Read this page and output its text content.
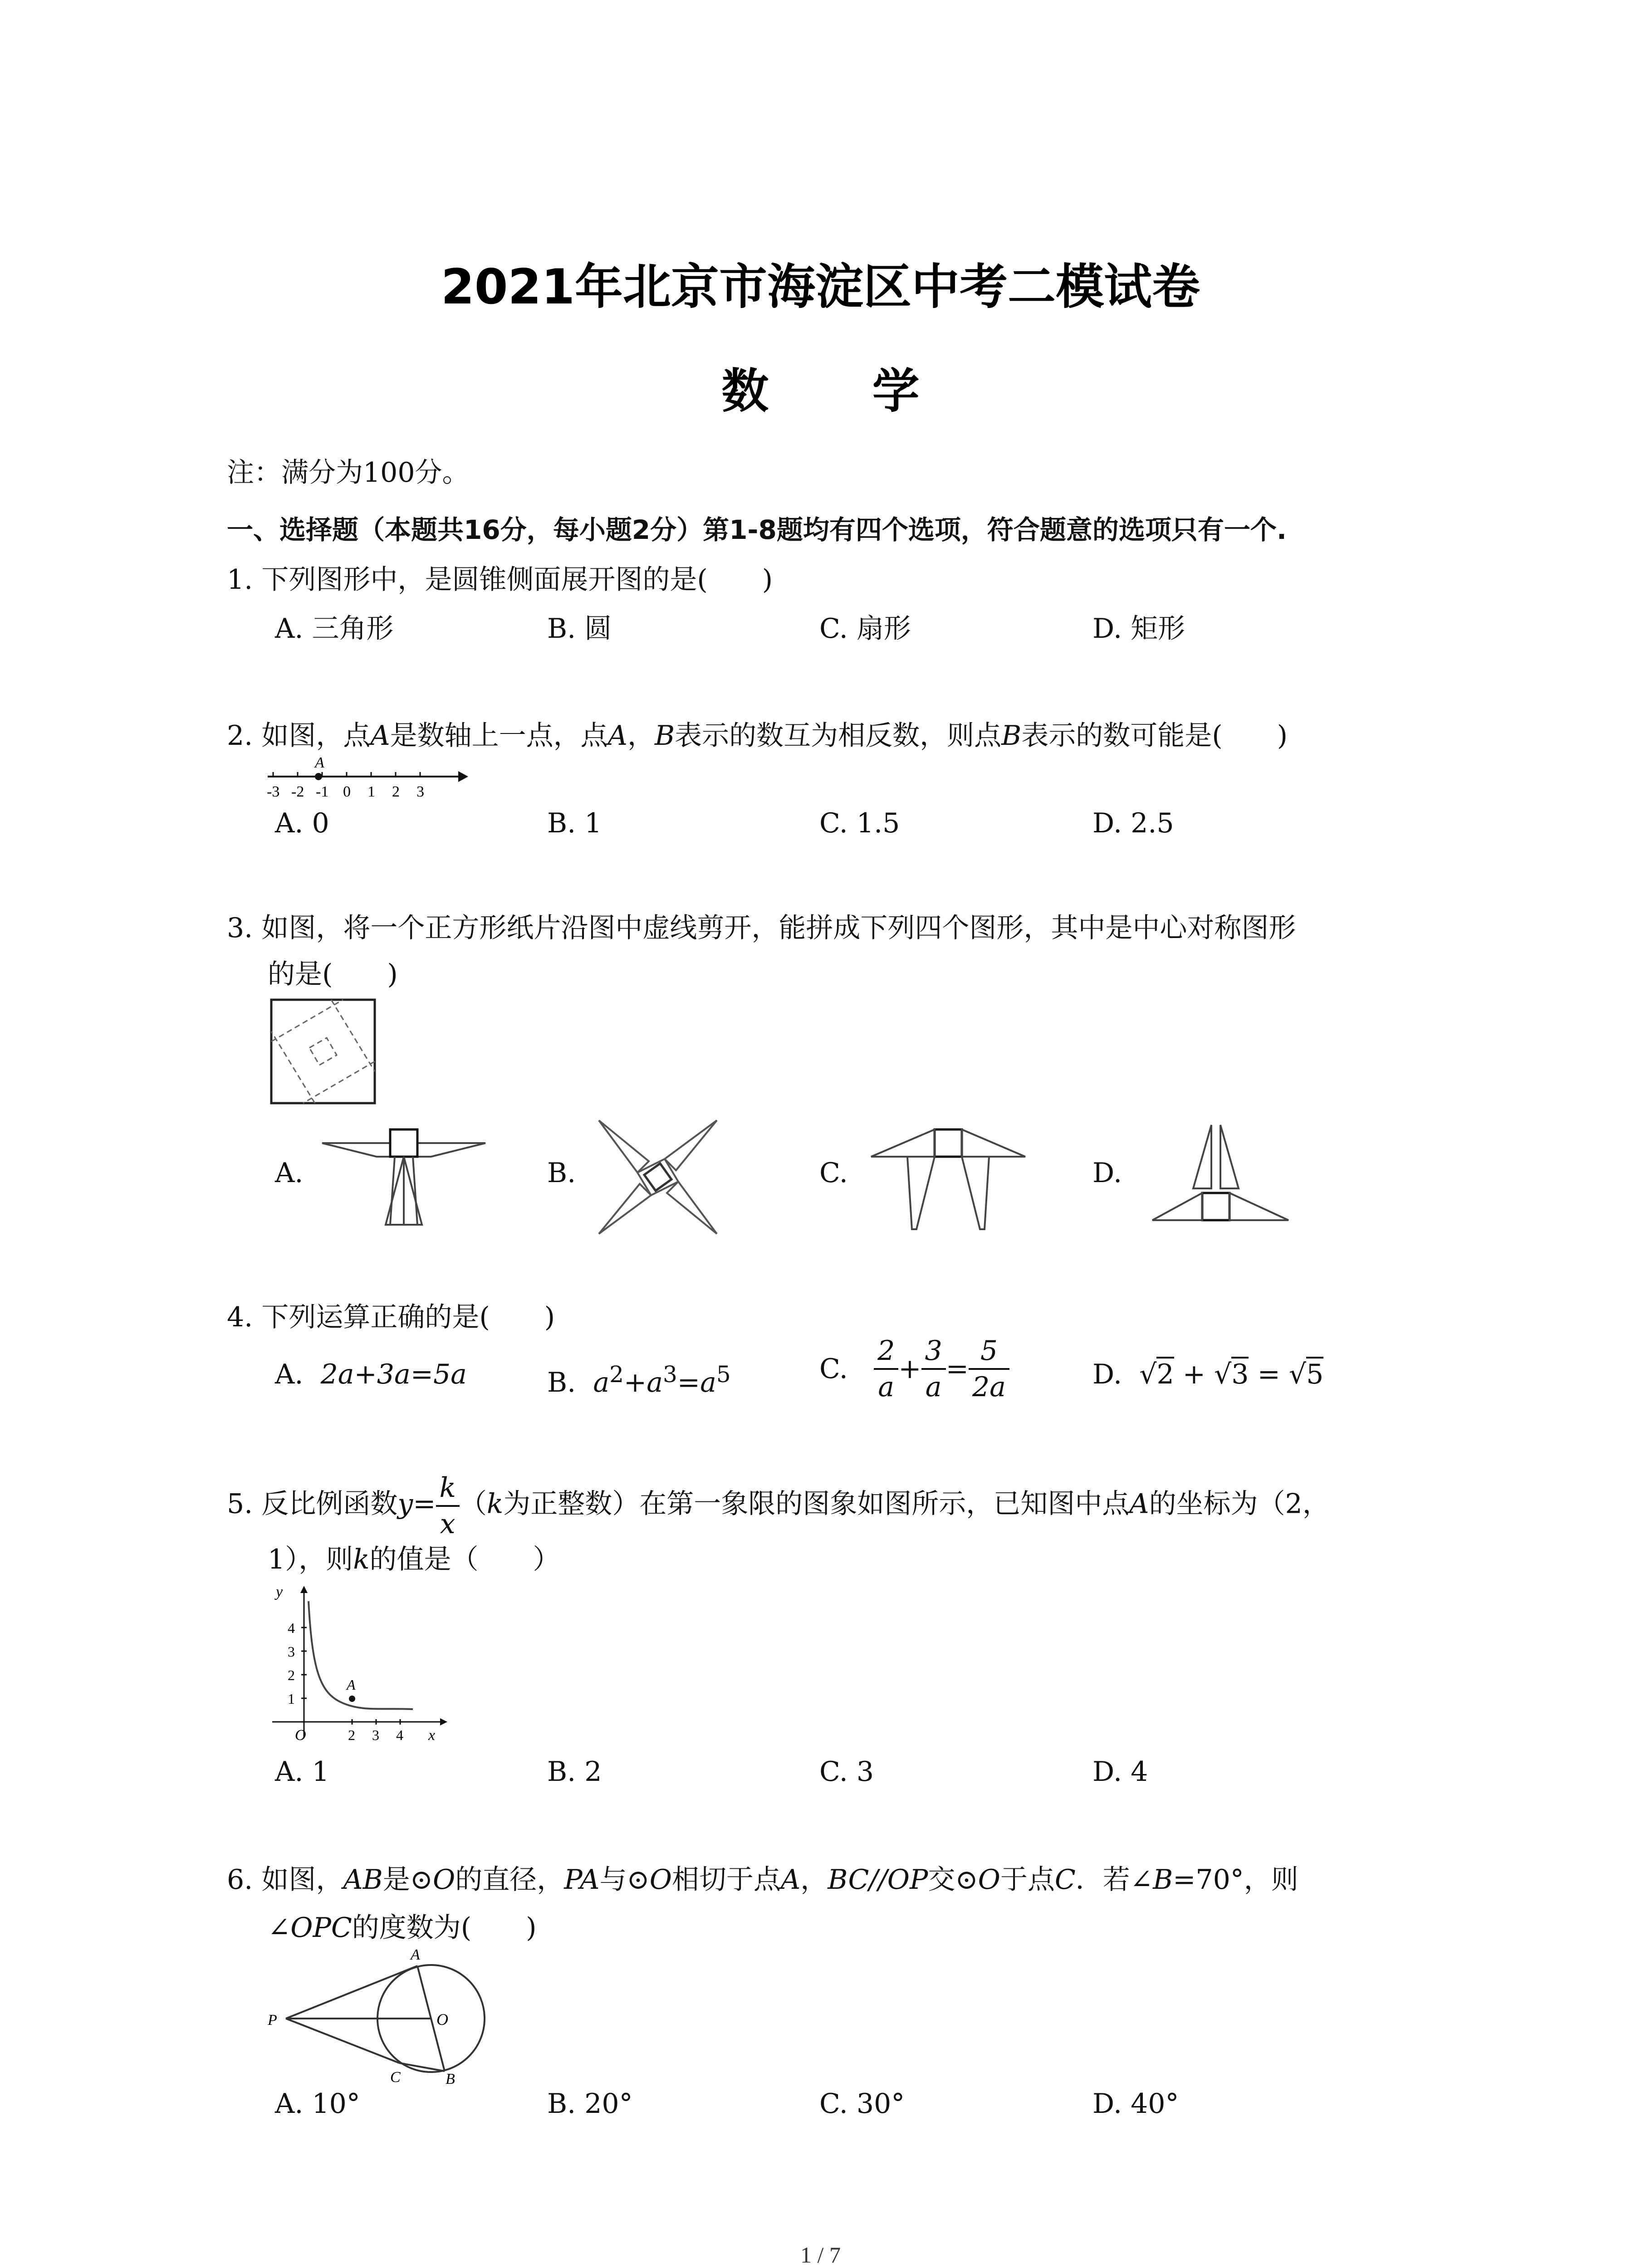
2021年北京市海淀区中考二模试卷
数 学
注：满分为100分。
一、选择题（本题共16分，每小题2分）第1-8题均有四个选项，符合题意的选项只有一个.
1. 下列图形中，是圆锥侧面展开图的是(　　)
A. 三角形	B. 圆	C. 扇形	D. 矩形
2. 如图，点A是数轴上一点，点A，B表示的数互为相反数，则点B表示的数可能是(　　)
-3 -2 -1 0 1 2 3
A
A. 0	B. 1	C. 1.5	D. 2.5
3. 如图，将一个正方形纸片沿图中虚线剪开，能拼成下列四个图形，其中是中心对称图形
的是(　　)
A.	B.	C.	D.
4. 下列运算正确的是(　　)
A. 2a+3a=5a	B. $a^2+a^3=a^5$	C. $\frac{2}{a} + \frac{3}{a} = \frac{5}{2a}$	D.  √2 + √3 = √5
5. 反比例函数$y= \frac{k}{x} (k$为正整数）在第一象限的图象如图所示，已知图中点A的坐标为（2，
1），则k的值是（　　）
y
x
O
1
2
3
4
2 3 4
A
A. 1	B. 2	C. 3	D. 4
6. 如图，AB是⊙O的直径，PA与⊙O相切于点A，BC//OP交⊙O于点C．若∠B=70°，则
∠OPC的度数为(　　)
A
O
P
C	B
A. 10°	B. 20°	C. 30°	D. 40°
1 / 7
